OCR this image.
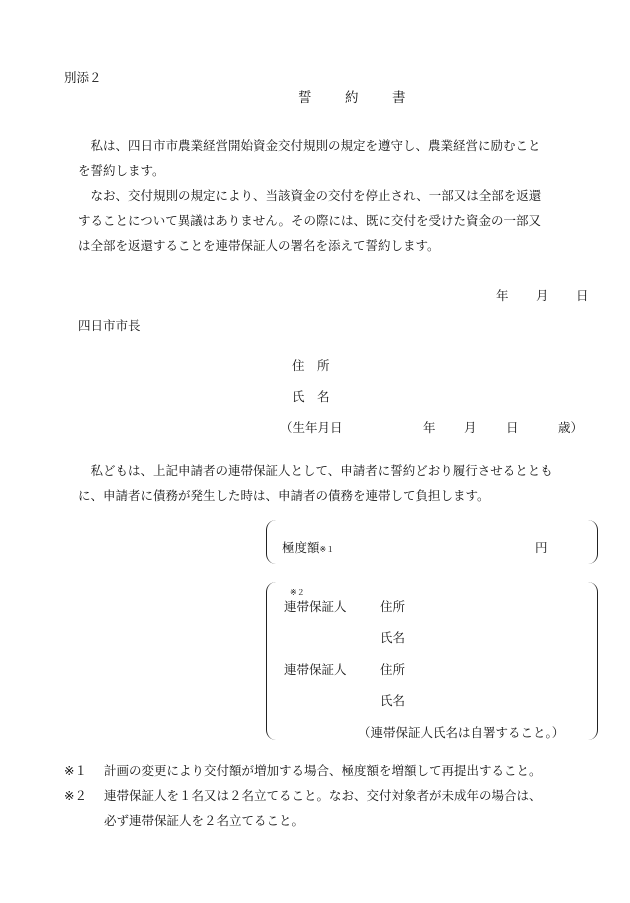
別添２
誓　約　書
　私は、四日市市農業経営開始資金交付規則の規定を遵守し、農業経営に励むこと
を誓約します。
　なお、交付規則の規定により、当該資金の交付を停止され、一部又は全部を返還
することについて異議はありません。その際には、既に交付を受けた資金の一部又
は全部を返還することを連帯保証人の署名を添えて誓約します。
年 月 日
四日市市長
住　所
氏　名
（生年月日	年 月 日	歳）
　私どもは、上記申請者の連帯保証人として、申請者に誓約どおり履行させるととも
に、申請者に債務が発生した時は、申請者の債務を連帯して負担します。
極度額※１	円
※２
連帯保証人	住所
氏名
連帯保証人	住所
氏名
（連帯保証人氏名は自署すること。）
※１ 計画の変更により交付額が増加する場合、極度額を増額して再提出すること。
※２ 連帯保証人を１名又は２名立てること。なお、交付対象者が未成年の場合は、
必ず連帯保証人を２名立てること。
